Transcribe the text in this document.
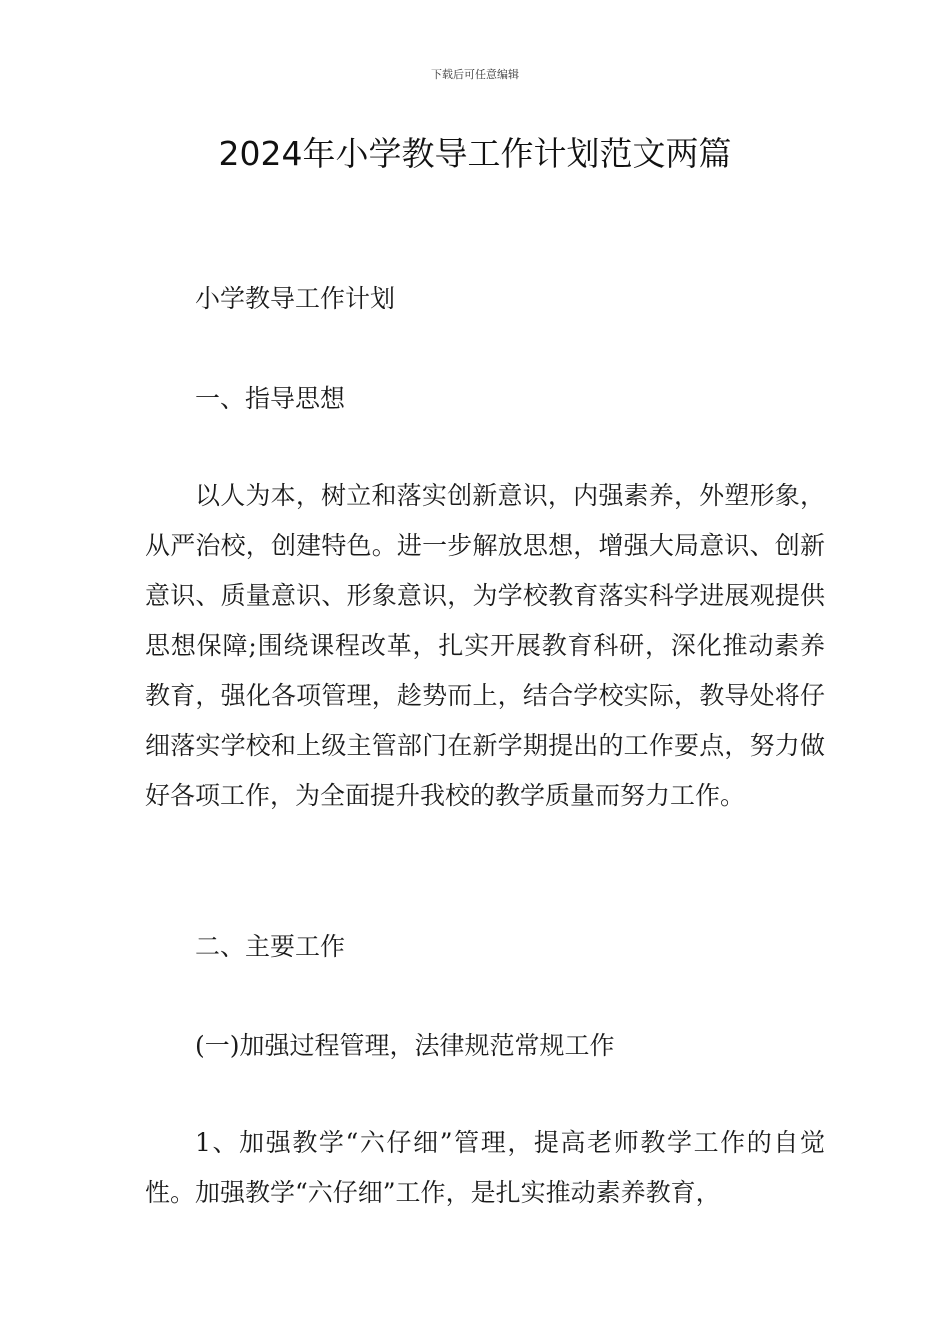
下载后可任意编辑
2024年小学教导工作计划范文两篇

小学教导工作计划

一、指导思想

以人为本，树立和落实创新意识，内强素养，外塑形象，从严治校，创建特色。进一步解放思想，增强大局意识、创新意识、质量意识、形象意识，为学校教育落实科学进展观提供思想保障;围绕课程改革，扎实开展教育科研，深化推动素养教育，强化各项管理，趁势而上，结合学校实际，教导处将仔细落实学校和上级主管部门在新学期提出的工作要点，努力做好各项工作，为全面提升我校的教学质量而努力工作。

二、主要工作

(一)加强过程管理，法律规范常规工作

1、加强教学“六仔细”管理，提高老师教学工作的自觉性。加强教学“六仔细”工作，是扎实推动素养教育，
